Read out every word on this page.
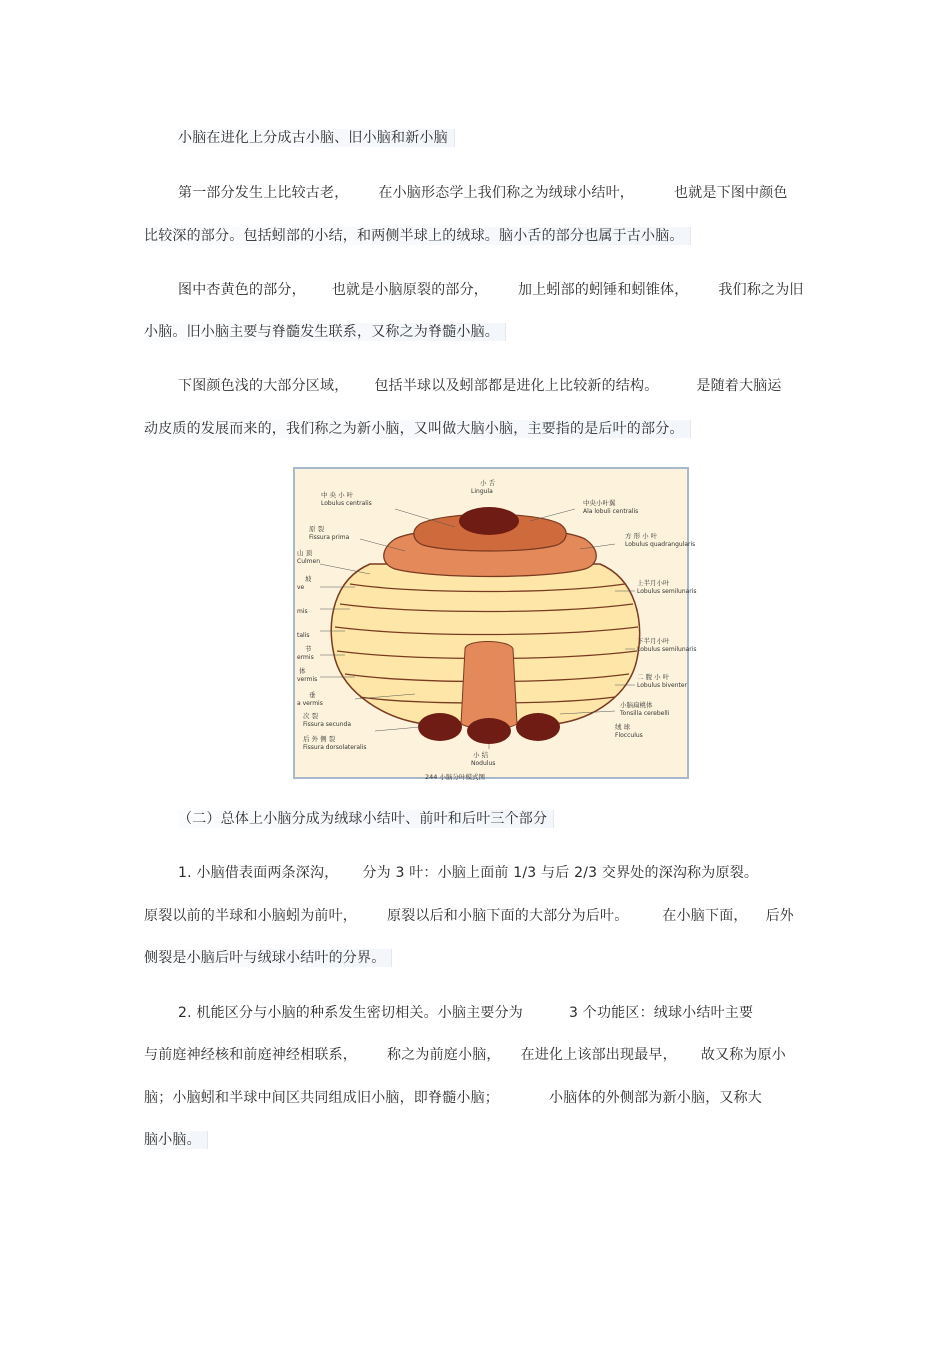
小脑在进化上分成古小脑、旧小脑和新小脑
第一部分发生上比较古老， 在小脑形态学上我们称之为绒球小结叶，	也就是下图中颜色
比较深的部分。包括蚓部的小结，和两侧半球上的绒球。脑小舌的部分也属于古小脑。
图中杏黄色的部分， 也就是小脑原裂的部分， 加上蚓部的蚓锤和蚓锥体， 我们称之为旧
小脑。旧小脑主要与脊髓发生联系，又称之为脊髓小脑。
下图颜色浅的大部分区域， 包括半球以及蚓部都是进化上比较新的结构。	是随着大脑运
动皮质的发展而来的，我们称之为新小脑，又叫做大脑小脑，主要指的是后叶的部分。
小 舌
Lingula
中 央 小 叶
Lobulus centralis	中央小叶翼
Ala lobuli centralis
原 裂
Fissura prima	方 形 小 叶
Lobulus quadrangularis
山 顶
Culmen
坡
ve
上半月小叶
Lobulus semilunaris
mis
talis
下半月小叶
Lobulus semilunaris
节
ermis
体
vermis	二 腹 小 叶
Lobulus biventer
垂
a vermis	小脑扁桃体
Tonsilla cerebelli
次 裂
Fissura secunda	绒 球
Flocculus
后 外 侧 裂
Fissura dorsolateralis
小 结
Nodulus
244 小脑分叶模式图
（二）总体上小脑分成为绒球小结叶、前叶和后叶三个部分
1. 小脑借表面两条深沟， 分为 3 叶：小脑上面前 1/3 与后 2/3 交界处的深沟称为原裂。
原裂以前的半球和小脑蚓为前叶， 原裂以后和小脑下面的大部分为后叶。 在小脑下面， 后外
侧裂是小脑后叶与绒球小结叶的分界。
2. 机能区分与小脑的种系发生密切相关。小脑主要分为	3 个功能区：绒球小结叶主要
与前庭神经核和前庭神经相联系， 称之为前庭小脑， 在进化上该部出现最早， 故又称为原小
脑；小脑蚓和半球中间区共同组成旧小脑，即脊髓小脑；	小脑体的外侧部为新小脑，又称大
脑小脑。
